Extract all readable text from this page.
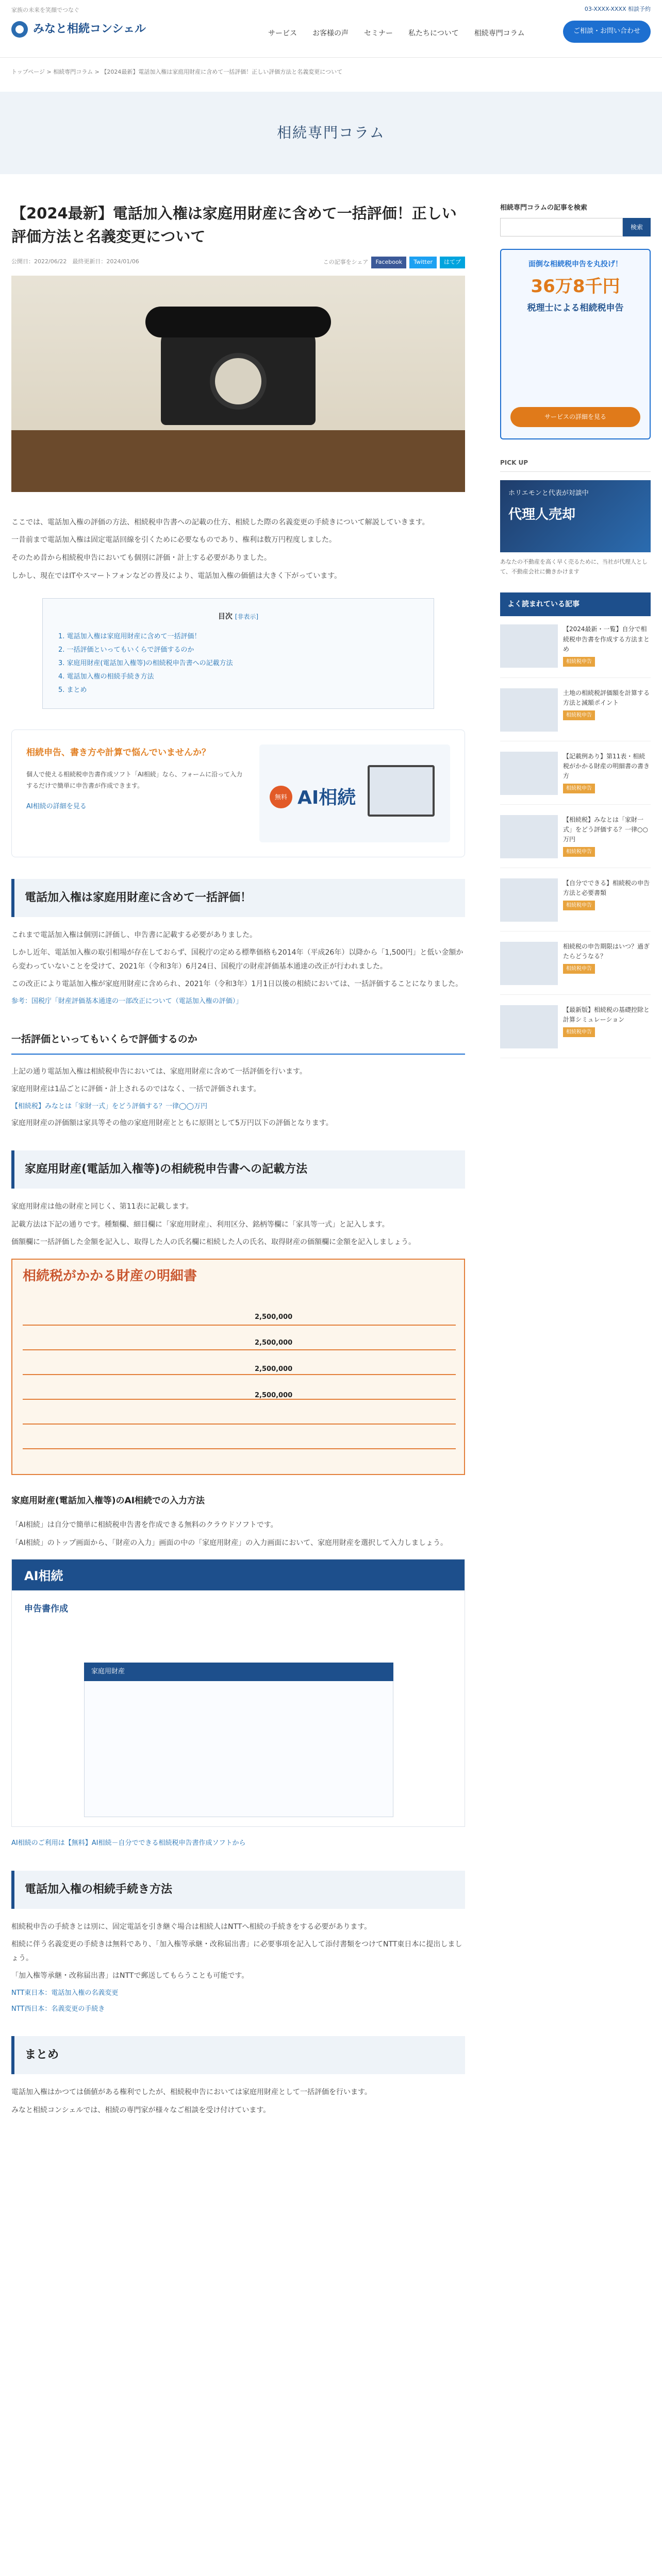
家族の未来を笑顔でつなぐ
みなと相続コンシェル	サービス お客様の声 セミナー 私たちについて 相続専門コラム
03-XXXX-XXXX 相談予約
ご相談・お問い合わせ
トップページ > 相続専門コラム > 【2024最新】電話加入権は家庭用財産に含めて一括評価！正しい評価方法と名義変更について
相続専門コラム
【2024最新】電話加入権は家庭用財産に含めて一括評価！正しい評価方法と名義変更について
公開日：2022/06/22　 最終更新日：2024/01/06	この記事をシェア	Facebook	Twitter	はてブ

ここでは、電話加入権の評価の方法、相続税申告書への記載の仕方、相続した際の名義変更の手続きについて解説していきます。

一昔前まで電話加入権は固定電話回線を引くために必要なものであり、権利は数万円程度しました。

そのため昔から相続税申告においても個別に評価・計上する必要がありました。

しかし、現在ではITやスマートフォンなどの普及により、電話加入権の価値は大きく下がっています。

目次 [非表示]
1. 電話加入権は家庭用財産に含めて一括評価！
2. 一括評価といってもいくらで評価するのか
3. 家庭用財産(電話加入権等)の相続税申告書への記載方法
4. 電話加入権の相続手続き方法
5. まとめ
相続申告、書き方や計算で悩んでいませんか？
個人で使える相続税申告書作成ソフト「AI相続」なら、フォームに沿って入力するだけで簡単に申告書が作成できます。
AI相続の詳細を見る
無料 AI相続
電話加入権は家庭用財産に含めて一括評価！

これまで電話加入権は個別に評価し、申告書に記載する必要がありました。

しかし近年、電話加入権の取引相場が存在しておらず、国税庁の定める標準価格も2014年（平成26年）以降から「1,500円」と低い金額から変わっていないことを受けて、2021年（令和3年）6月24日、国税庁の財産評価基本通達の改正が行われました。

この改正により電話加入権が家庭用財産に含められ、2021年（令和3年）1月1日以後の相続においては、一括評価することになりました。

参考：国税庁「財産評価基本通達の一部改正について（電話加入権の評価）」
一括評価といってもいくらで評価するのか

上記の通り電話加入権は相続税申告においては、家庭用財産に含めて一括評価を行います。

家庭用財産は1品ごとに評価・計上されるのではなく、一括で評価されます。

【相続税】みなとは「家財一式」をどう評価する？一律◯◯万円

家庭用財産の評価額は家具等その他の家庭用財産とともに原則として5万円以下の評価となります。

家庭用財産(電話加入権等)の相続税申告書への記載方法

家庭用財産は他の財産と同じく、第11表に記載します。

記載方法は下記の通りです。種類欄、細目欄に「家庭用財産」、利用区分、銘柄等欄に「家具等一式」と記入します。

価額欄に一括評価した金額を記入し、取得した人の氏名欄に相続した人の氏名、取得財産の価額欄に金額を記入しましょう。

相続税がかかる財産の明細書
2,500,000
2,500,000
2,500,000
2,500,000
家庭用財産(電話加入権等)のAI相続での入力方法

「AI相続」は自分で簡単に相続税申告書を作成できる無料のクラウドソフトです。

「AI相続」のトップ画面から、「財産の入力」画面の中の「家庭用財産」の入力画面において、家庭用財産を選択して入力しましょう。

AI相続
申告書作成
家庭用財産
AI相続のご利用は【無料】AI相続－自分でできる相続税申告書作成ソフトから
電話加入権の相続手続き方法

相続税申告の手続きとは別に、固定電話を引き継ぐ場合は相続人はNTTへ相続の手続きをする必要があります。

相続に伴う名義変更の手続きは無料であり、「加入権等承継・改称届出書」に必要事項を記入して添付書類をつけてNTT東日本に提出しましょう。

「加入権等承継・改称届出書」はNTTで郵送してもらうことも可能です。

NTT東日本：電話加入権の名義変更
NTT西日本：名義変更の手続き
まとめ

電話加入権はかつては価値がある権利でしたが、相続税申告においては家庭用財産として一括評価を行います。

みなと相続コンシェルでは、相続の専門家が様々なご相談を受け付けています。

相続専門コラムの記事を検索
検索
面倒な相続税申告を丸投げ！
36万8千円
税理士による相続税申告
サービスの詳細を見る
PICK UP
ホリエモンと代表が対談中
代理人売却
あなたの不動産を高く早く売るために、当社が代理人として、不動産会社に働きかけます
よく読まれている記事
【2024最新・一覧】自分で相続税申告書を作成する方法まとめ
相続税申告
土地の相続税評価額を計算する方法と減額ポイント
相続税申告
【記載例あり】第11表・相続税がかかる財産の明細書の書き方
相続税申告
【相続税】みなとは「家財一式」をどう評価する？一律○○万円
相続税申告
【自分でできる】相続税の申告方法と必要書類
相続税申告
相続税の申告期限はいつ？過ぎたらどうなる？
相続税申告
【最新版】相続税の基礎控除と計算シミュレーション
相続税申告
